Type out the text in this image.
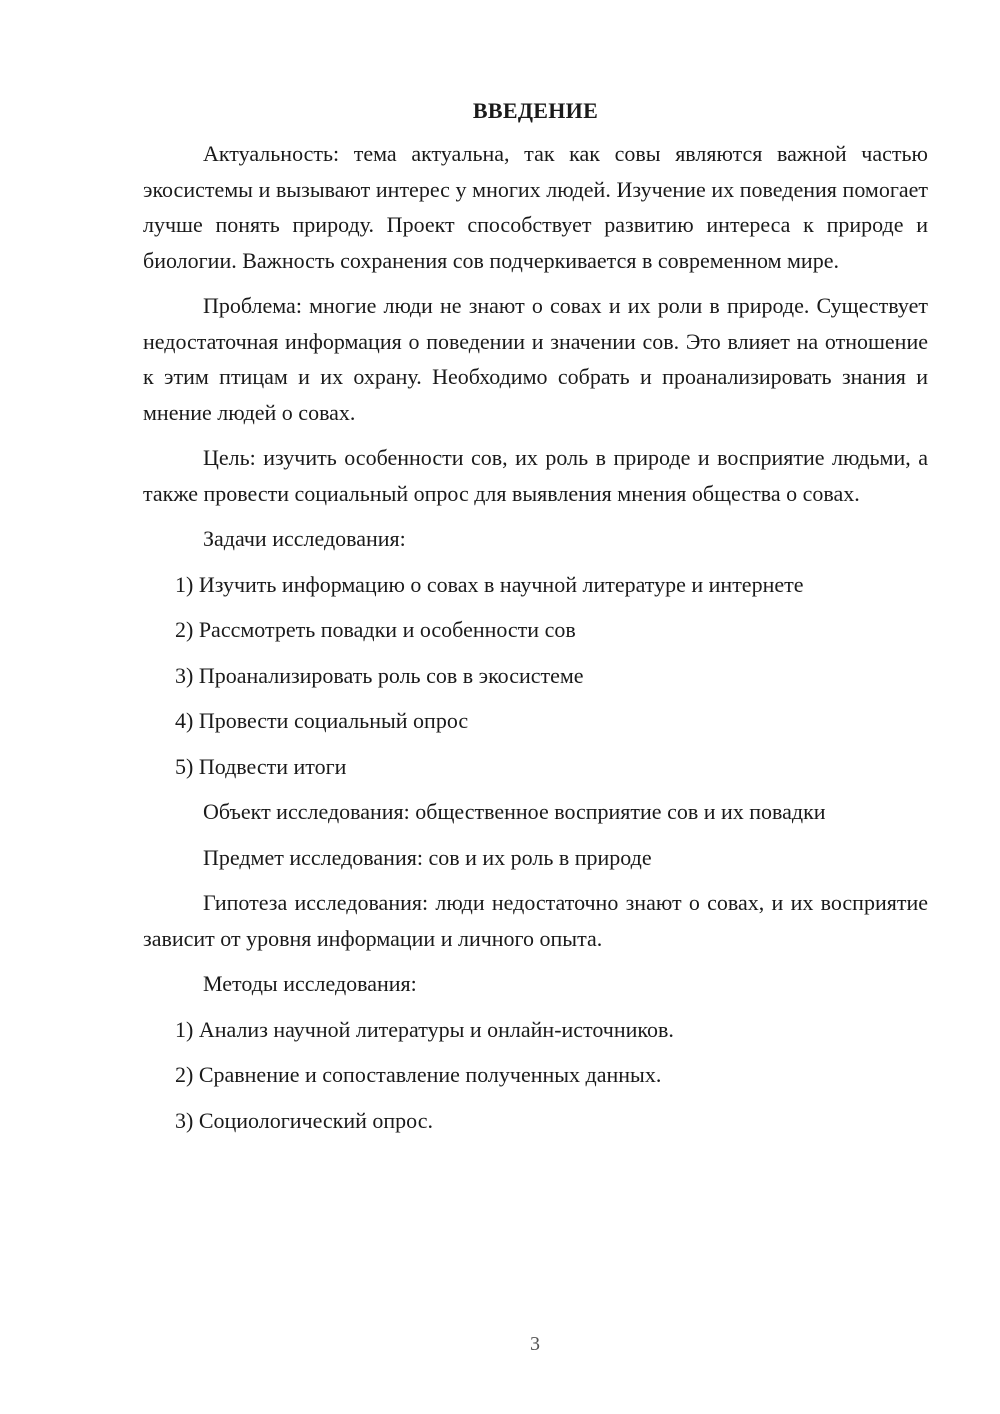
ВВЕДЕНИЕ

Актуальность: тема актуальна, так как совы являются важной частью экосистемы и вызывают интерес у многих людей. Изучение их поведения помогает лучше понять природу. Проект способствует развитию интереса к природе и биологии. Важность сохранения сов подчеркивается в современном мире.

Проблема: многие люди не знают о совах и их роли в природе. Существует недостаточная информация о поведении и значении сов. Это влияет на отношение к этим птицам и их охрану. Необходимо собрать и проанализировать знания и мнение людей о совах.

Цель: изучить особенности сов, их роль в природе и восприятие людьми, а также провести социальный опрос для выявления мнения общества о совах.

Задачи исследования:
1) Изучить информацию о совах в научной литературе и интернете
2) Рассмотреть повадки и особенности сов
3) Проанализировать роль сов в экосистеме
4) Провести социальный опрос
5) Подвести итоги
Объект исследования: общественное восприятие сов и их повадки
Предмет исследования: сов и их роль в природе

Гипотеза исследования: люди недостаточно знают о совах, и их восприятие зависит от уровня информации и личного опыта.

Методы исследования:
1) Анализ научной литературы и онлайн-источников.
2) Сравнение и сопоставление полученных данных.
3) Социологический опрос.
3
